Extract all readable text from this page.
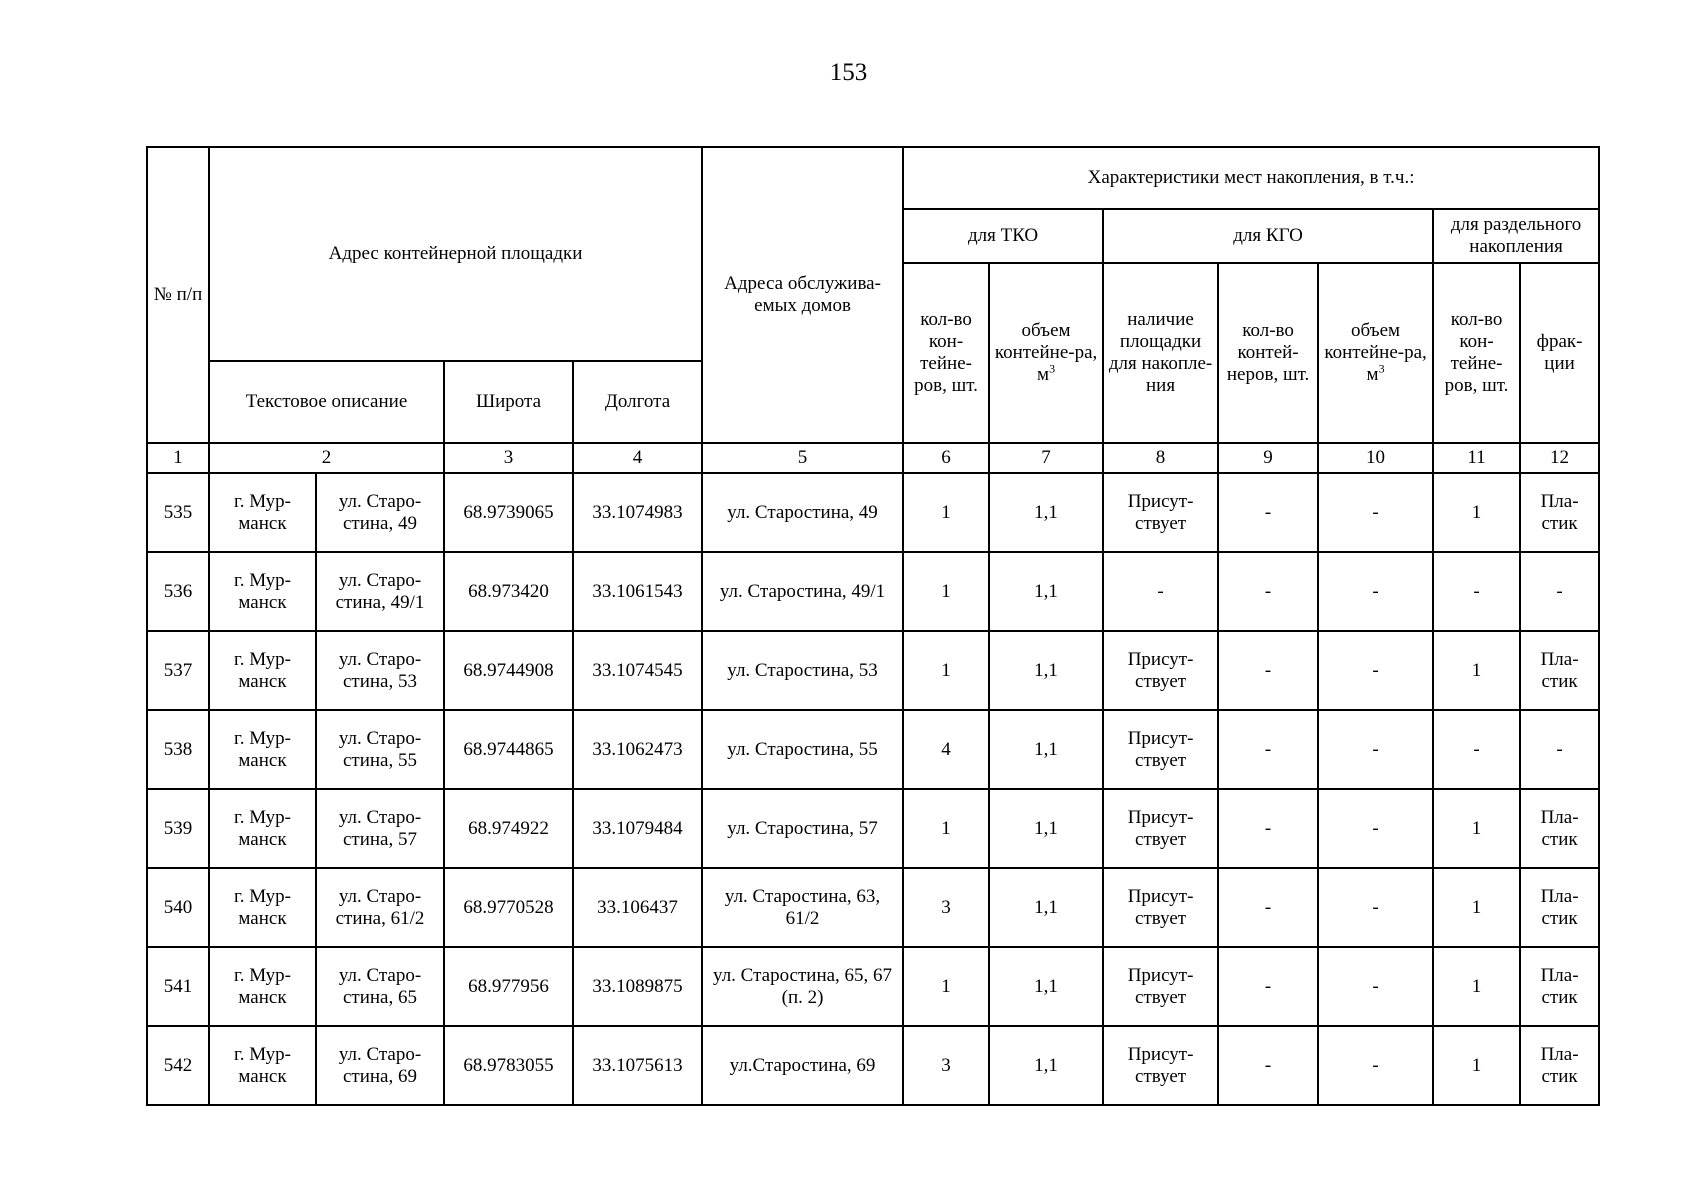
153
№ п/п	Адрес контейнерной площадки				Адреса обслужива-емых домов	Характеристики мест накопления, в т.ч.:						
						для ТКО		для КГО			для раздельного накопления	
						кол-во кон-тейне-ров, шт.	объем контейне-ра, $м^3$	наличие площадки для накопле-ния	кол-во контей-неров, шт.	объем контейне-ра, $м^3$	кол-во кон-тейне-ров, шт.	фрак-ции
	Текстовое описание		Широта	Долгота								
1	2		3	4	5	6	7	8	9	10	11	12
535	г. Мур-манск	ул. Старо-стина, 49	68.9739065	33.1074983	ул. Старостина, 49	1	1,1	Присут-ствует	-	-	1	Пла-стик
536	г. Мур-манск	ул. Старо-стина, 49/1	68.973420	33.1061543	ул. Старостина, 49/1	1	1,1	-	-	-	-	-
537	г. Мур-манск	ул. Старо-стина, 53	68.9744908	33.1074545	ул. Старостина, 53	1	1,1	Присут-ствует	-	-	1	Пла-стик
538	г. Мур-манск	ул. Старо-стина, 55	68.9744865	33.1062473	ул. Старостина, 55	4	1,1	Присут-ствует	-	-	-	-
539	г. Мур-манск	ул. Старо-стина, 57	68.974922	33.1079484	ул. Старостина, 57	1	1,1	Присут-ствует	-	-	1	Пла-стик
540	г. Мур-манск	ул. Старо-стина, 61/2	68.9770528	33.106437	ул. Старостина, 63, 61/2	3	1,1	Присут-ствует	-	-	1	Пла-стик
541	г. Мур-манск	ул. Старо-стина, 65	68.977956	33.1089875	ул. Старостина, 65, 67 (п. 2)	1	1,1	Присут-ствует	-	-	1	Пла-стик
542	г. Мур-манск	ул. Старо-стина, 69	68.9783055	33.1075613	ул.Старостина, 69	3	1,1	Присут-ствует	-	-	1	Пла-стик
